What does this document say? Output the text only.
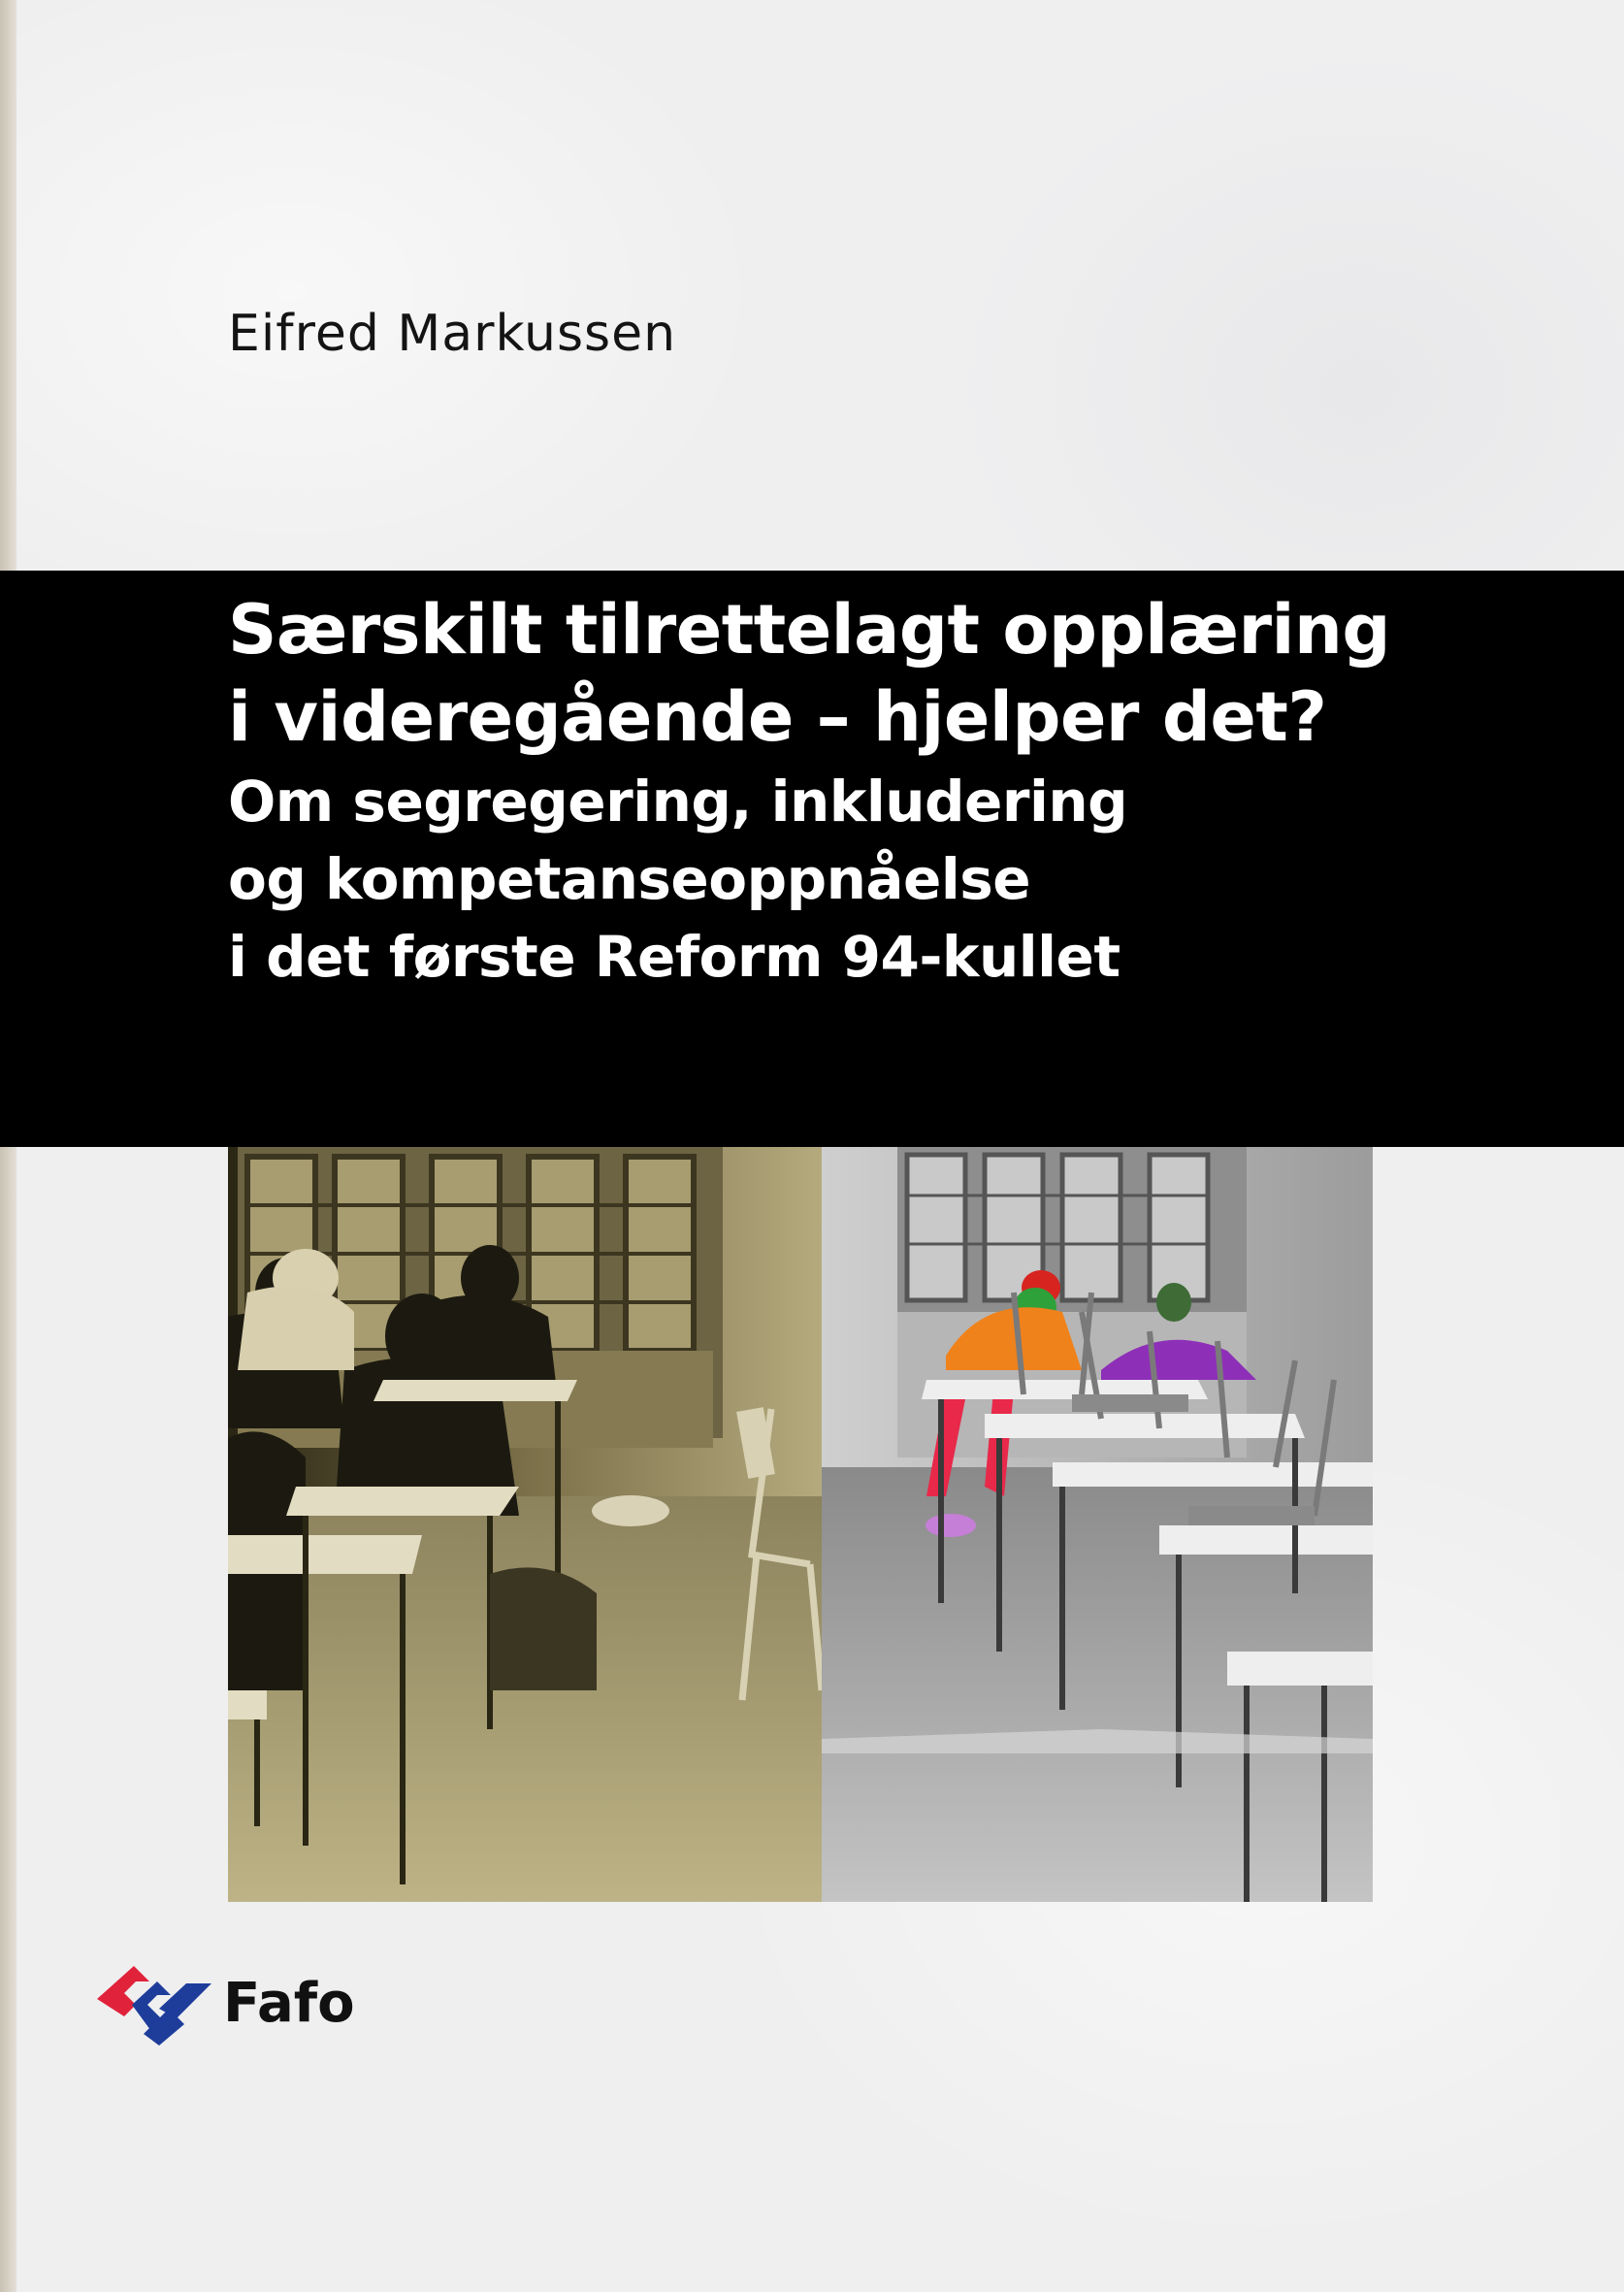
Eifred Markussen
Særskilt tilrettelagt opplæring
i videregående – hjelper det?
Om segregering, inkludering
og kompetanseoppnåelse
i det første Reform 94-kullet
Fafo
